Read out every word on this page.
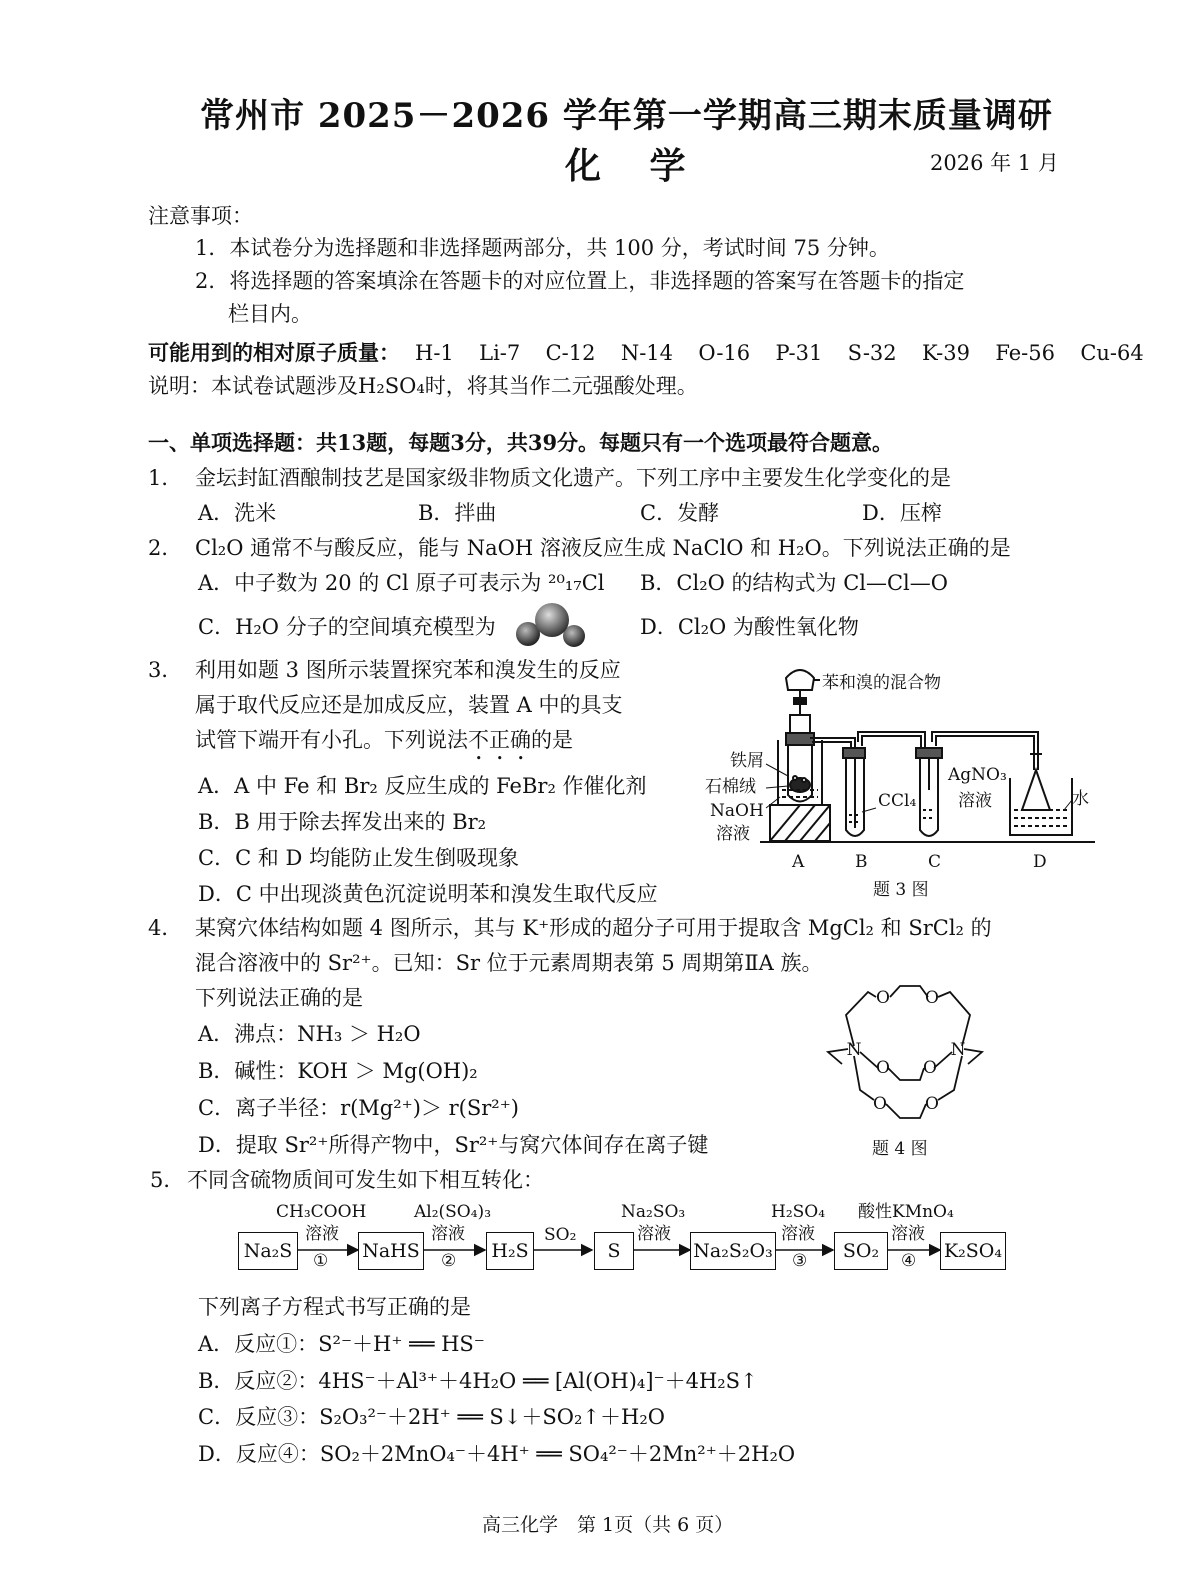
常州市 2025－2026 学年第一学期高三期末质量调研
化 学	2026 年 1 月
注意事项：
1．本试卷分为选择题和非选择题两部分，共 100 分，考试时间 75 分钟。
2．将选择题的答案填涂在答题卡的对应位置上，非选择题的答案写在答题卡的指定
栏目内。
可能用到的相对原子质量： H-1  Li-7  C-12  N-14  O-16  P-31  S-32  K-39  Fe-56  Cu-64
说明：本试卷试题涉及H₂SO₄时，将其当作二元强酸处理。
一、单项选择题：共13题，每题3分，共39分。每题只有一个选项最符合题意。
1． 金坛封缸酒酿制技艺是国家级非物质文化遗产。下列工序中主要发生化学变化的是
A．洗米	B．拌曲	C．发酵	D．压榨
2． Cl₂O 通常不与酸反应，能与 NaOH 溶液反应生成 NaClO 和 H₂O。下列说法正确的是
A．中子数为 20 的 Cl 原子可表示为 ²⁰₁₇Cl B．Cl₂O 的结构式为 Cl—Cl—O
C．H₂O 分子的空间填充模型为	D．Cl₂O 为酸性氧化物
3． 利用如题 3 图所示装置探究苯和溴发生的反应
属于取代反应还是加成反应，装置 A 中的具支
试管下端开有小孔。下列说法不正确的是
A．A 中 Fe 和 Br₂ 反应生成的 FeBr₂ 作催化剂
B．B 用于除去挥发出来的 Br₂
C．C 和 D 均能防止发生倒吸现象
D．C 中出现淡黄色沉淀说明苯和溴发生取代反应
苯和溴的混合物
铁屑
石棉绒
NaOH
溶液
CCl₄
AgNO₃
溶液	水
A	B	C	D
题 3 图
4． 某窝穴体结构如题 4 图所示，其与 K⁺形成的超分子可用于提取含 MgCl₂ 和 SrCl₂ 的
混合溶液中的 Sr²⁺。已知：Sr 位于元素周期表第 5 周期第ⅡA 族。
下列说法正确的是
A．沸点：NH₃ ＞ H₂O
B．碱性：KOH ＞ Mg(OH)₂
C．离子半径：r(Mg²⁺)＞ r(Sr²⁺)
D．提取 Sr²⁺所得产物中，Sr²⁺与窝穴体间存在离子键
O O
O O
O O
N	N
题 4 图
5． 不同含硫物质间可发生如下相互转化：
Na₂S	NaHS	H₂S	S	Na₂S₂O₃	SO₂	K₂SO₄
CH₃COOH
溶液
①
Al₂(SO₄)₃
溶液
②
SO₂
Na₂SO₃
溶液
H₂SO₄
溶液
③
酸性KMnO₄
溶液
④
下列离子方程式书写正确的是
A．反应①：S²⁻＋H⁺ ══ HS⁻
B．反应②：4HS⁻＋Al³⁺＋4H₂O ══ [Al(OH)₄]⁻＋4H₂S↑
C．反应③：S₂O₃²⁻＋2H⁺ ══ S↓＋SO₂↑＋H₂O
D．反应④：SO₂＋2MnO₄⁻＋4H⁺ ══ SO₄²⁻＋2Mn²⁺＋2H₂O
高三化学　第 1页（共 6 页）
